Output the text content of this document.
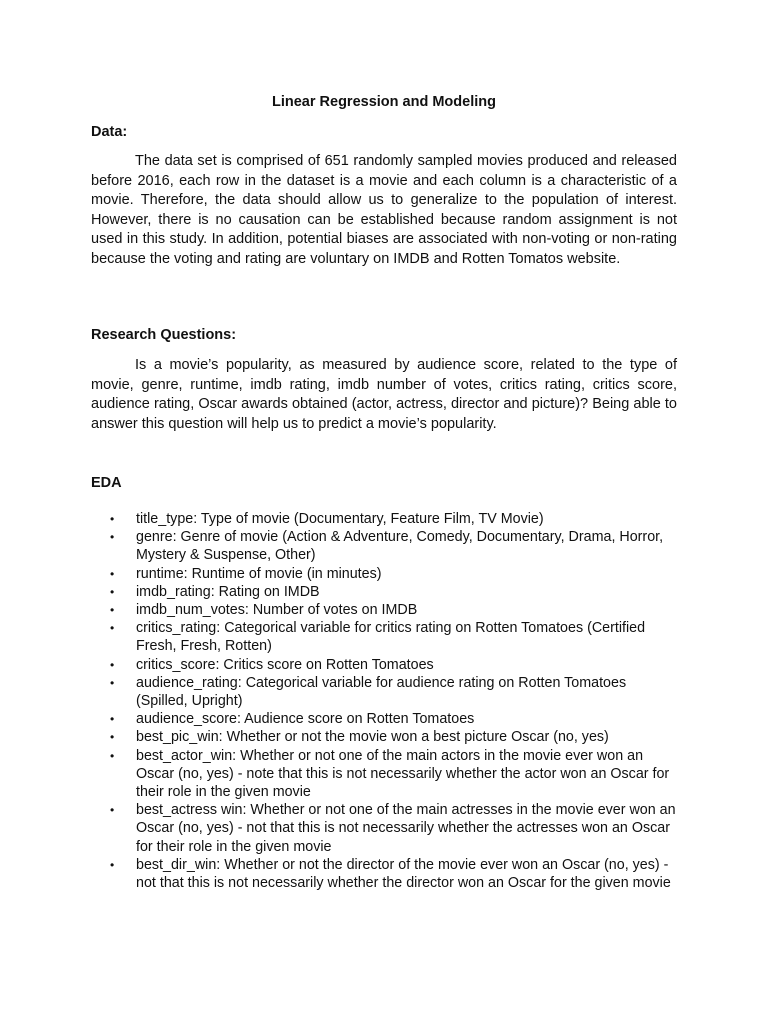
Linear Regression and Modeling
Data:

The data set is comprised of 651 randomly sampled movies produced and released before 2016, each row in the dataset is a movie and each column is a characteristic of a movie. Therefore, the data should allow us to generalize to the population of interest. However, there is no causation can be established because random assignment is not used in this study. In addition, potential biases are associated with non-voting or non-rating because the voting and rating are voluntary on IMDB and Rotten Tomatos website.

Research Questions:

Is a movie’s popularity, as measured by audience score, related to the type of movie, genre, runtime, imdb rating, imdb number of votes, critics rating, critics score, audience rating, Oscar awards obtained (actor, actress, director and picture)? Being able to answer this question will help us to predict a movie’s popularity.

EDA
• title_type: Type of movie (Documentary, Feature Film, TV Movie)
• genre: Genre of movie (Action & Adventure, Comedy, Documentary, Drama, Horror, Mystery & Suspense, Other)
• runtime: Runtime of movie (in minutes)
• imdb_rating: Rating on IMDB
• imdb_num_votes: Number of votes on IMDB
• critics_rating: Categorical variable for critics rating on Rotten Tomatoes (Certified Fresh, Fresh, Rotten)
• critics_score: Critics score on Rotten Tomatoes
• audience_rating: Categorical variable for audience rating on Rotten Tomatoes (Spilled, Upright)
• audience_score: Audience score on Rotten Tomatoes
• best_pic_win: Whether or not the movie won a best picture Oscar (no, yes)
• best_actor_win: Whether or not one of the main actors in the movie ever won an Oscar (no, yes) - note that this is not necessarily whether the actor won an Oscar for their role in the given movie
• best_actress win: Whether or not one of the main actresses in the movie ever won an Oscar (no, yes) - not that this is not necessarily whether the actresses won an Oscar for their role in the given movie
• best_dir_win: Whether or not the director of the movie ever won an Oscar (no, yes) - not that this is not necessarily whether the director won an Oscar for the given movie
